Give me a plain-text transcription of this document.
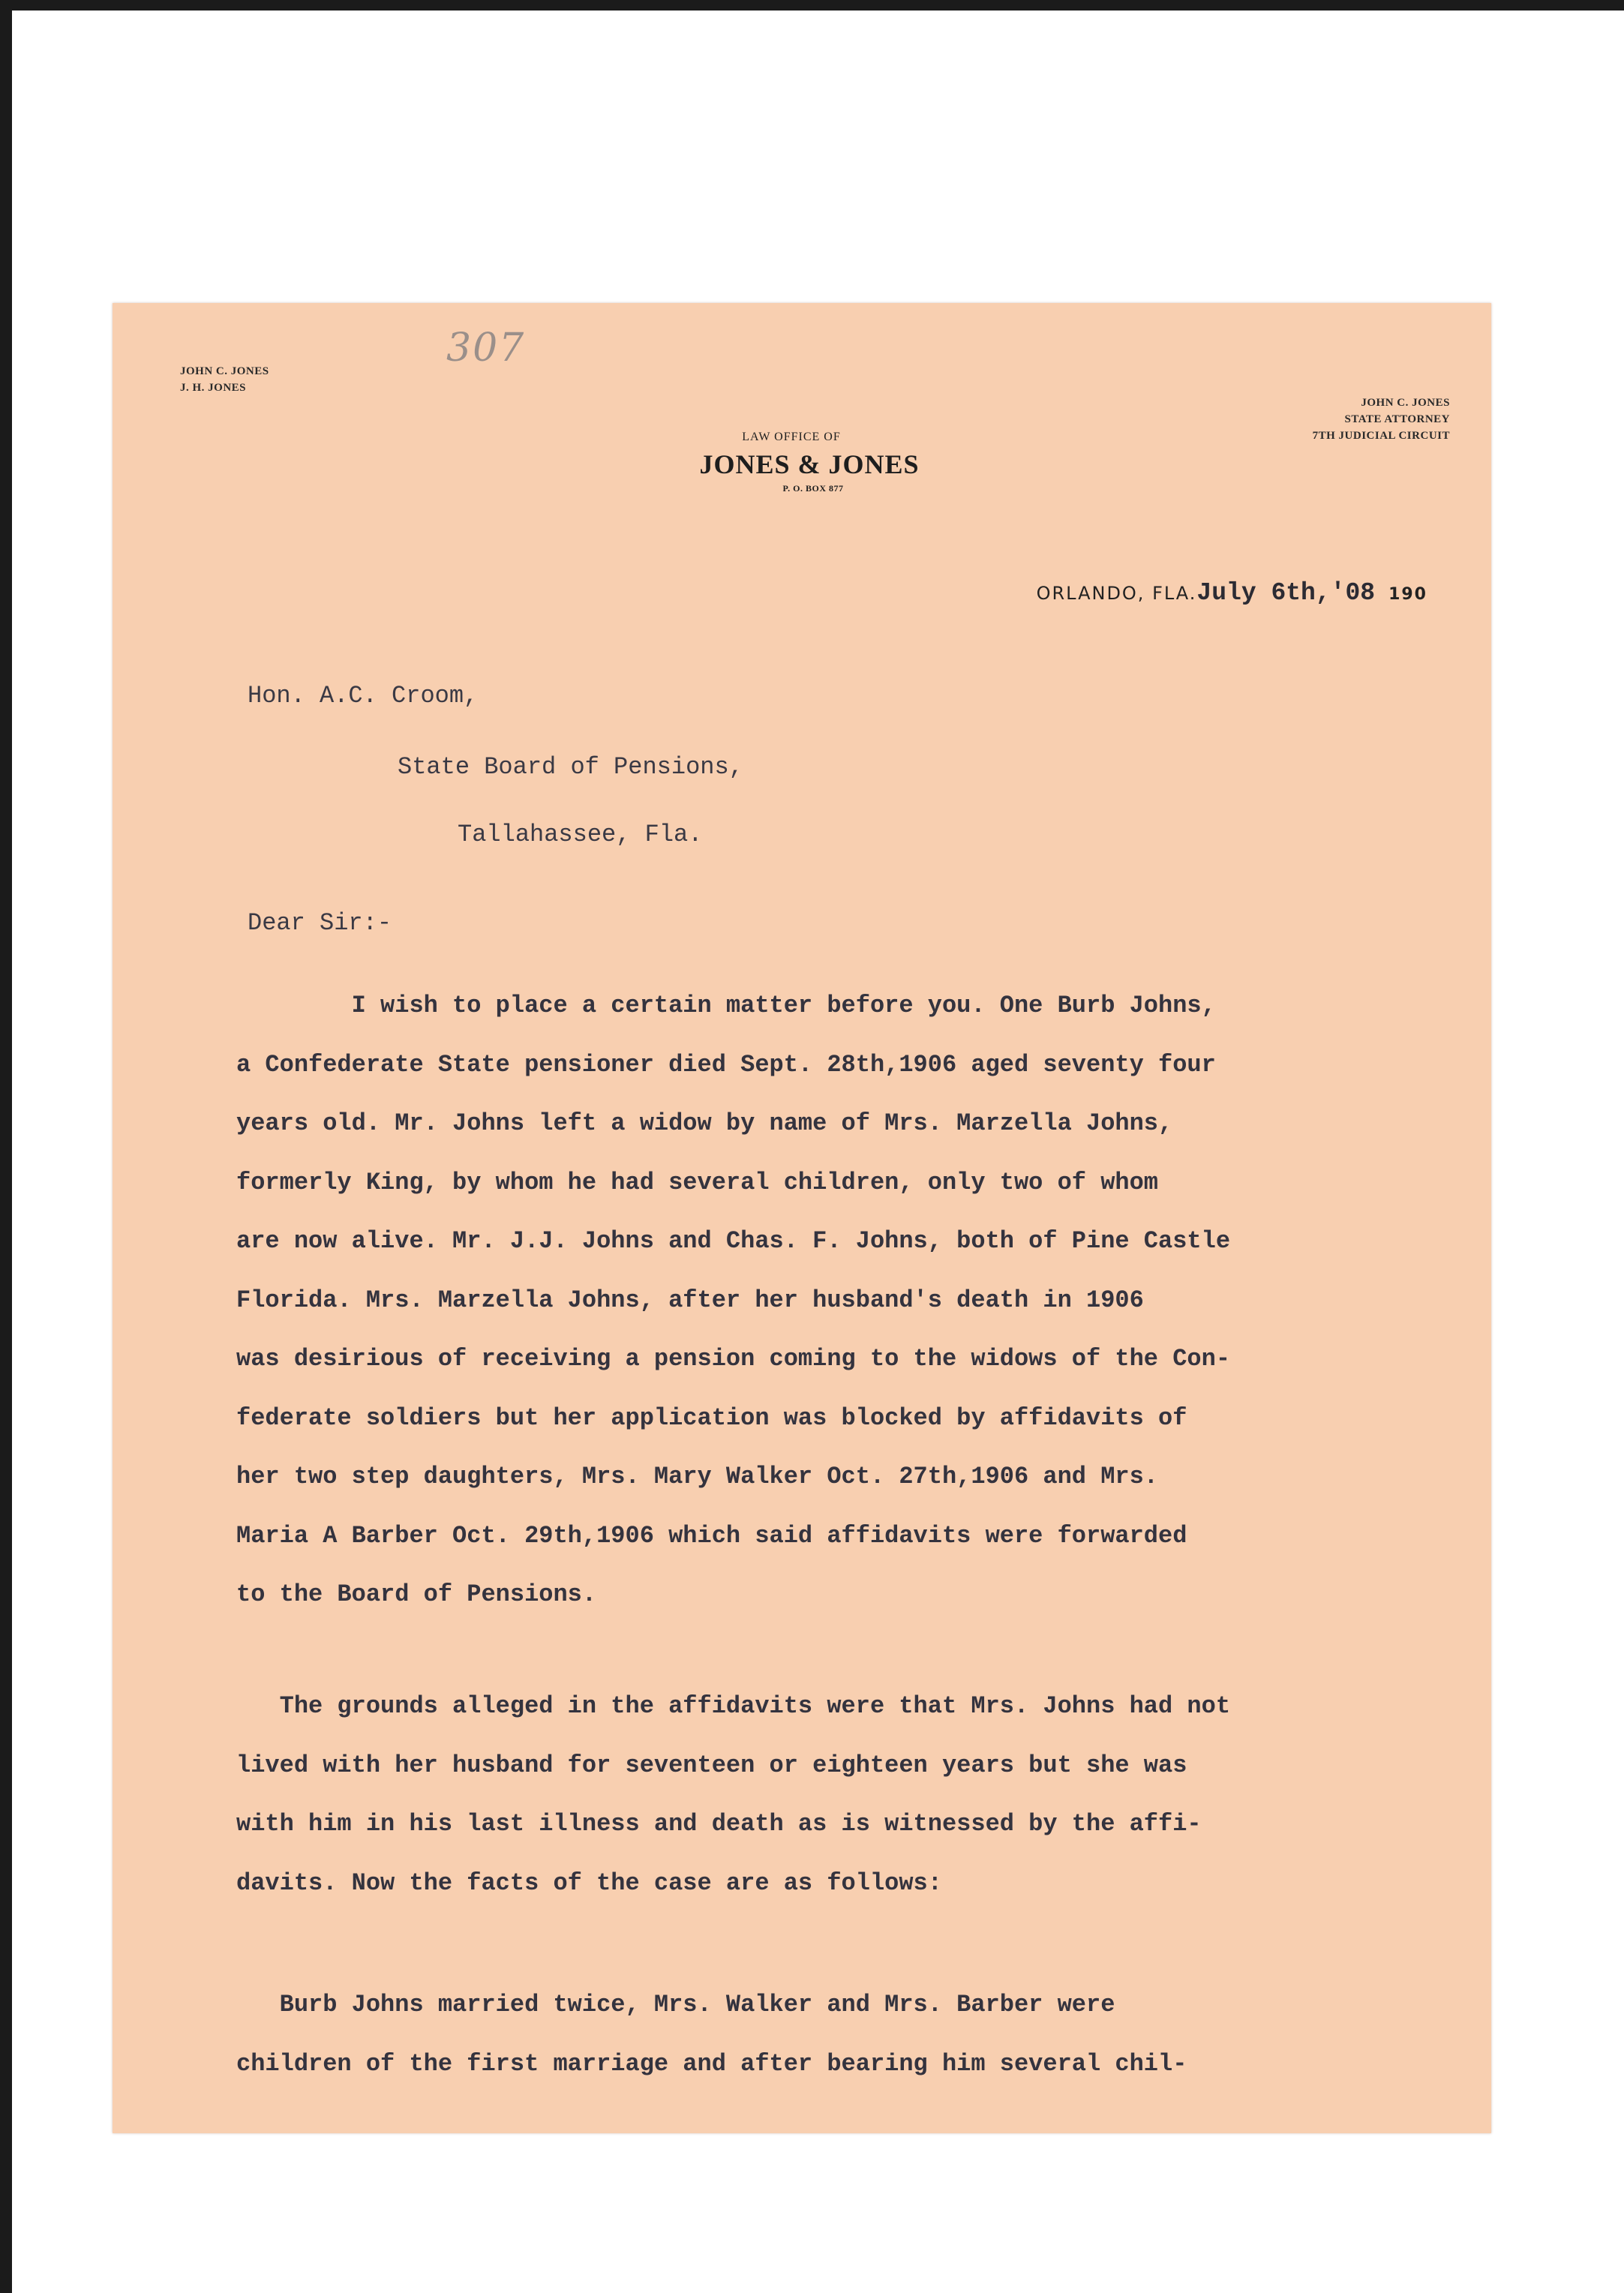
307
JOHN C. JONES
J. H. JONES
JOHN C. JONES
STATE ATTORNEY
7TH JUDICIAL CIRCUIT
LAW OFFICE OF
JONES & JONES
P. O. BOX 877
ORLANDO, FLA.July 6th,'08 190
Hon. A.C. Croom,
State Board of Pensions,
Tallahassee, Fla.
Dear Sir:-

I wish to place a certain matter before you. One Burb Johns,

a Confederate State pensioner died Sept. 28th,1906 aged seventy four

years old. Mr. Johns left a widow by name of Mrs. Marzella Johns,

formerly King, by whom he had several children, only two of whom

are now alive. Mr. J.J. Johns and Chas. F. Johns, both of Pine Castle

Florida. Mrs. Marzella Johns, after her husband's death in 1906

was desirious of receiving a pension coming to the widows of the Con-

federate soldiers but her application was blocked by affidavits of

her two step daughters, Mrs. Mary Walker Oct. 27th,1906 and Mrs.

Maria A Barber Oct. 29th,1906 which said affidavits were forwarded

to the Board of Pensions.

The grounds alleged in the affidavits were that Mrs. Johns had not

lived with her husband for seventeen or eighteen years but she was

with him in his last illness and death as is witnessed by the affi-

davits. Now the facts of the case are as follows:

Burb Johns married twice, Mrs. Walker and Mrs. Barber were

children of the first marriage and after bearing him several chil-
